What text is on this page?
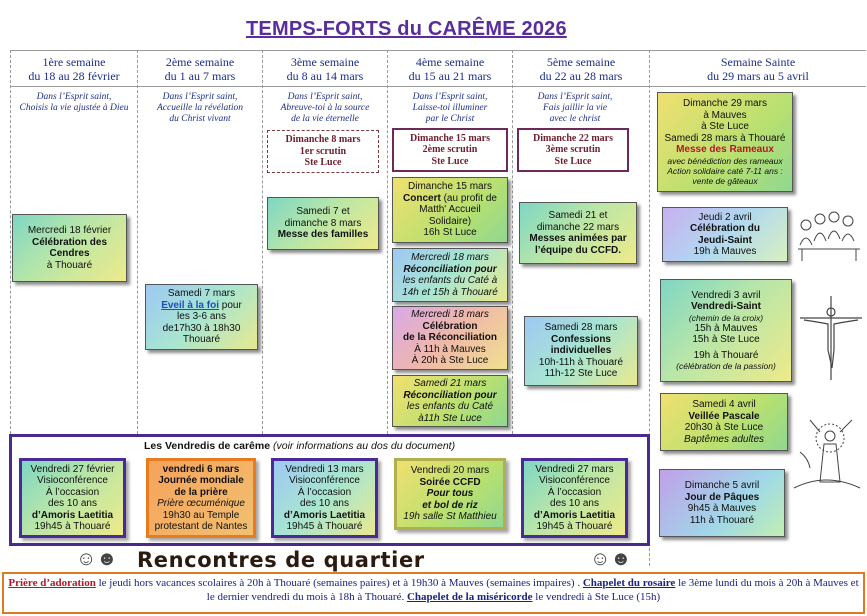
TEMPS-FORTS du CARÊME 2026
1ère semaine
du 18 au 28 février
2ème semaine
du 1 au 7 mars
3ème semaine
du 8 au 14 mars
4ème semaine
du 15 au 21 mars
5ème semaine
du 22 au 28 mars
Semaine Sainte
du 29 mars au 5 avril
Dans l’Esprit saint,
Choisis la vie ajustée à Dieu
Dans l’Esprit saint,
Accueille la révélation
du Christ vivant
Dans l’Esprit saint,
Abreuve-toi à la source
de la vie éternelle
Dans l’Esprit saint,
Laisse-toi illuminer
par le Christ
Dans l’Esprit saint,
Fais jaillir la vie
avec le christ
Dimanche 8 mars
1er scrutin
Ste Luce
Dimanche 15 mars
2ème scrutin
Ste Luce
Dimanche 22 mars
3ème scrutin
Ste Luce
Mercredi 18 février
Célébration des
Cendres
à Thouaré
Samedi 7 mars
Eveil à la foi pour
les 3-6 ans
de17h30 à 18h30
Thouaré
Samedi 7 et
dimanche 8 mars
Messe des familles
Dimanche 15 mars
Concert (au profit de
Matth' Accueil
Solidaire)
16h St Luce
Mercredi 18 mars
Réconciliation pour
les enfants du Caté à
14h et 15h à Thouaré
Mercredi 18 mars
Célébration
de la Réconciliation
À 11h à Mauves
À 20h à Ste Luce
Samedi 21 mars
Réconciliation pour
les enfants du Caté
à11h Ste Luce
Samedi 21 et
dimanche 22 mars
Messes animées par
l’équipe du CCFD.
Samedi 28 mars
Confessions
individuelles
10h-11h à Thouaré
11h-12 Ste Luce
Dimanche 29 mars
à Mauves
à Ste Luce
Samedi 28 mars à Thouaré
Messe des Rameaux
avec bénédiction des rameaux
Action solidaire caté 7-11 ans :
vente de gâteaux
Jeudi 2 avril
Célébration du
Jeudi-Saint
19h à Mauves
Vendredi 3 avril
Vendredi-Saint
(chemin de la croix)
15h à Mauves
15h à Ste Luce
19h à Thouaré
(célébration de la passion)
Samedi 4 avril
Veillée Pascale
20h30 à Ste Luce
Baptêmes adultes
Dimanche 5 avril
Jour de Pâques
9h45 à Mauves
11h à Thouaré
Les Vendredis de carême (voir informations au dos du document)
Vendredi 27 février
Visioconférence
À l’occasion
des 10 ans
d’Amoris Laetitia
19h45 à Thouaré
vendredi 6 mars
Journée mondiale
de la prière
Prière œcuménique
19h30 au Temple
protestant de Nantes
Vendredi 13 mars
Visioconférence
À l’occasion
des 10 ans
d’Amoris Laetitia
19h45 à Thouaré
Vendredi 20 mars
Soirée CCFD
Pour tous
et bol de riz
19h salle St Matthieu
Vendredi 27 mars
Visioconférence
À l’occasion
des 10 ans
d’Amoris Laetitia
19h45 à Thouaré
☺☻	☺☻
Rencontres de quartier
Prière d’adoration le jeudi hors vacances scolaires à 20h à Thouaré (semaines paires) et à 19h30 à Mauves (semaines impaires) . Chapelet du rosaire le 3ème lundi du mois à 20h à Mauves et le dernier vendredi du mois à 18h à Thouaré. Chapelet de la miséricorde le vendredi à Ste Luce (15h)
